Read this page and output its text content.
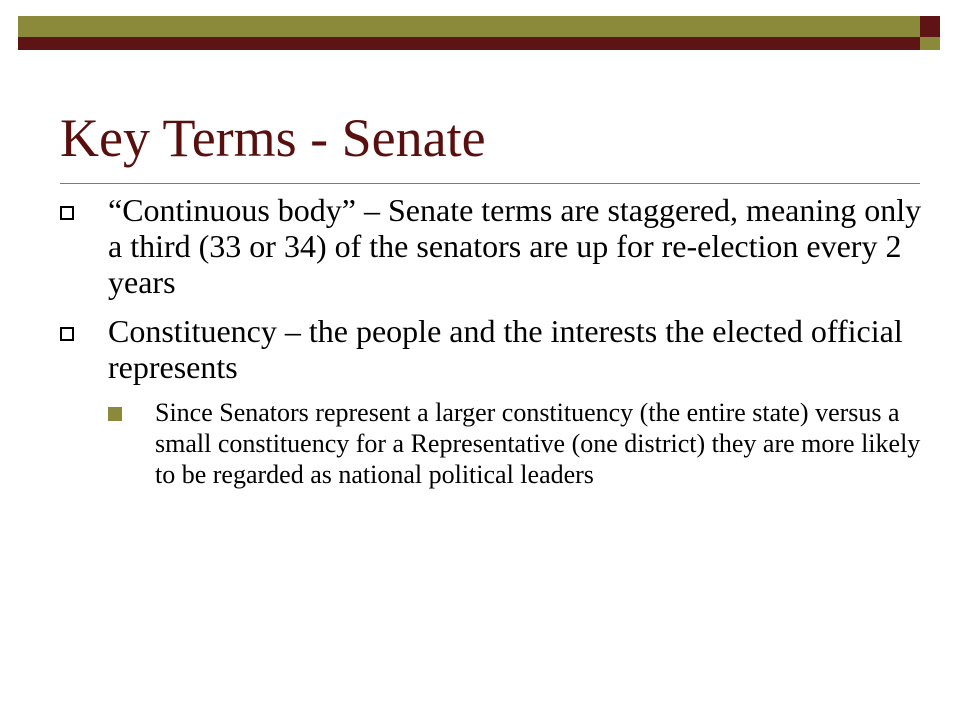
Key Terms - Senate
“Continuous body” – Senate terms are staggered, meaning only a third (33 or 34) of the senators are up for re-election every 2 years
Constituency – the people and the interests the elected official represents
Since Senators represent a larger constituency (the entire state) versus a small constituency for a Representative (one district) they are more likely to be regarded as national political leaders
